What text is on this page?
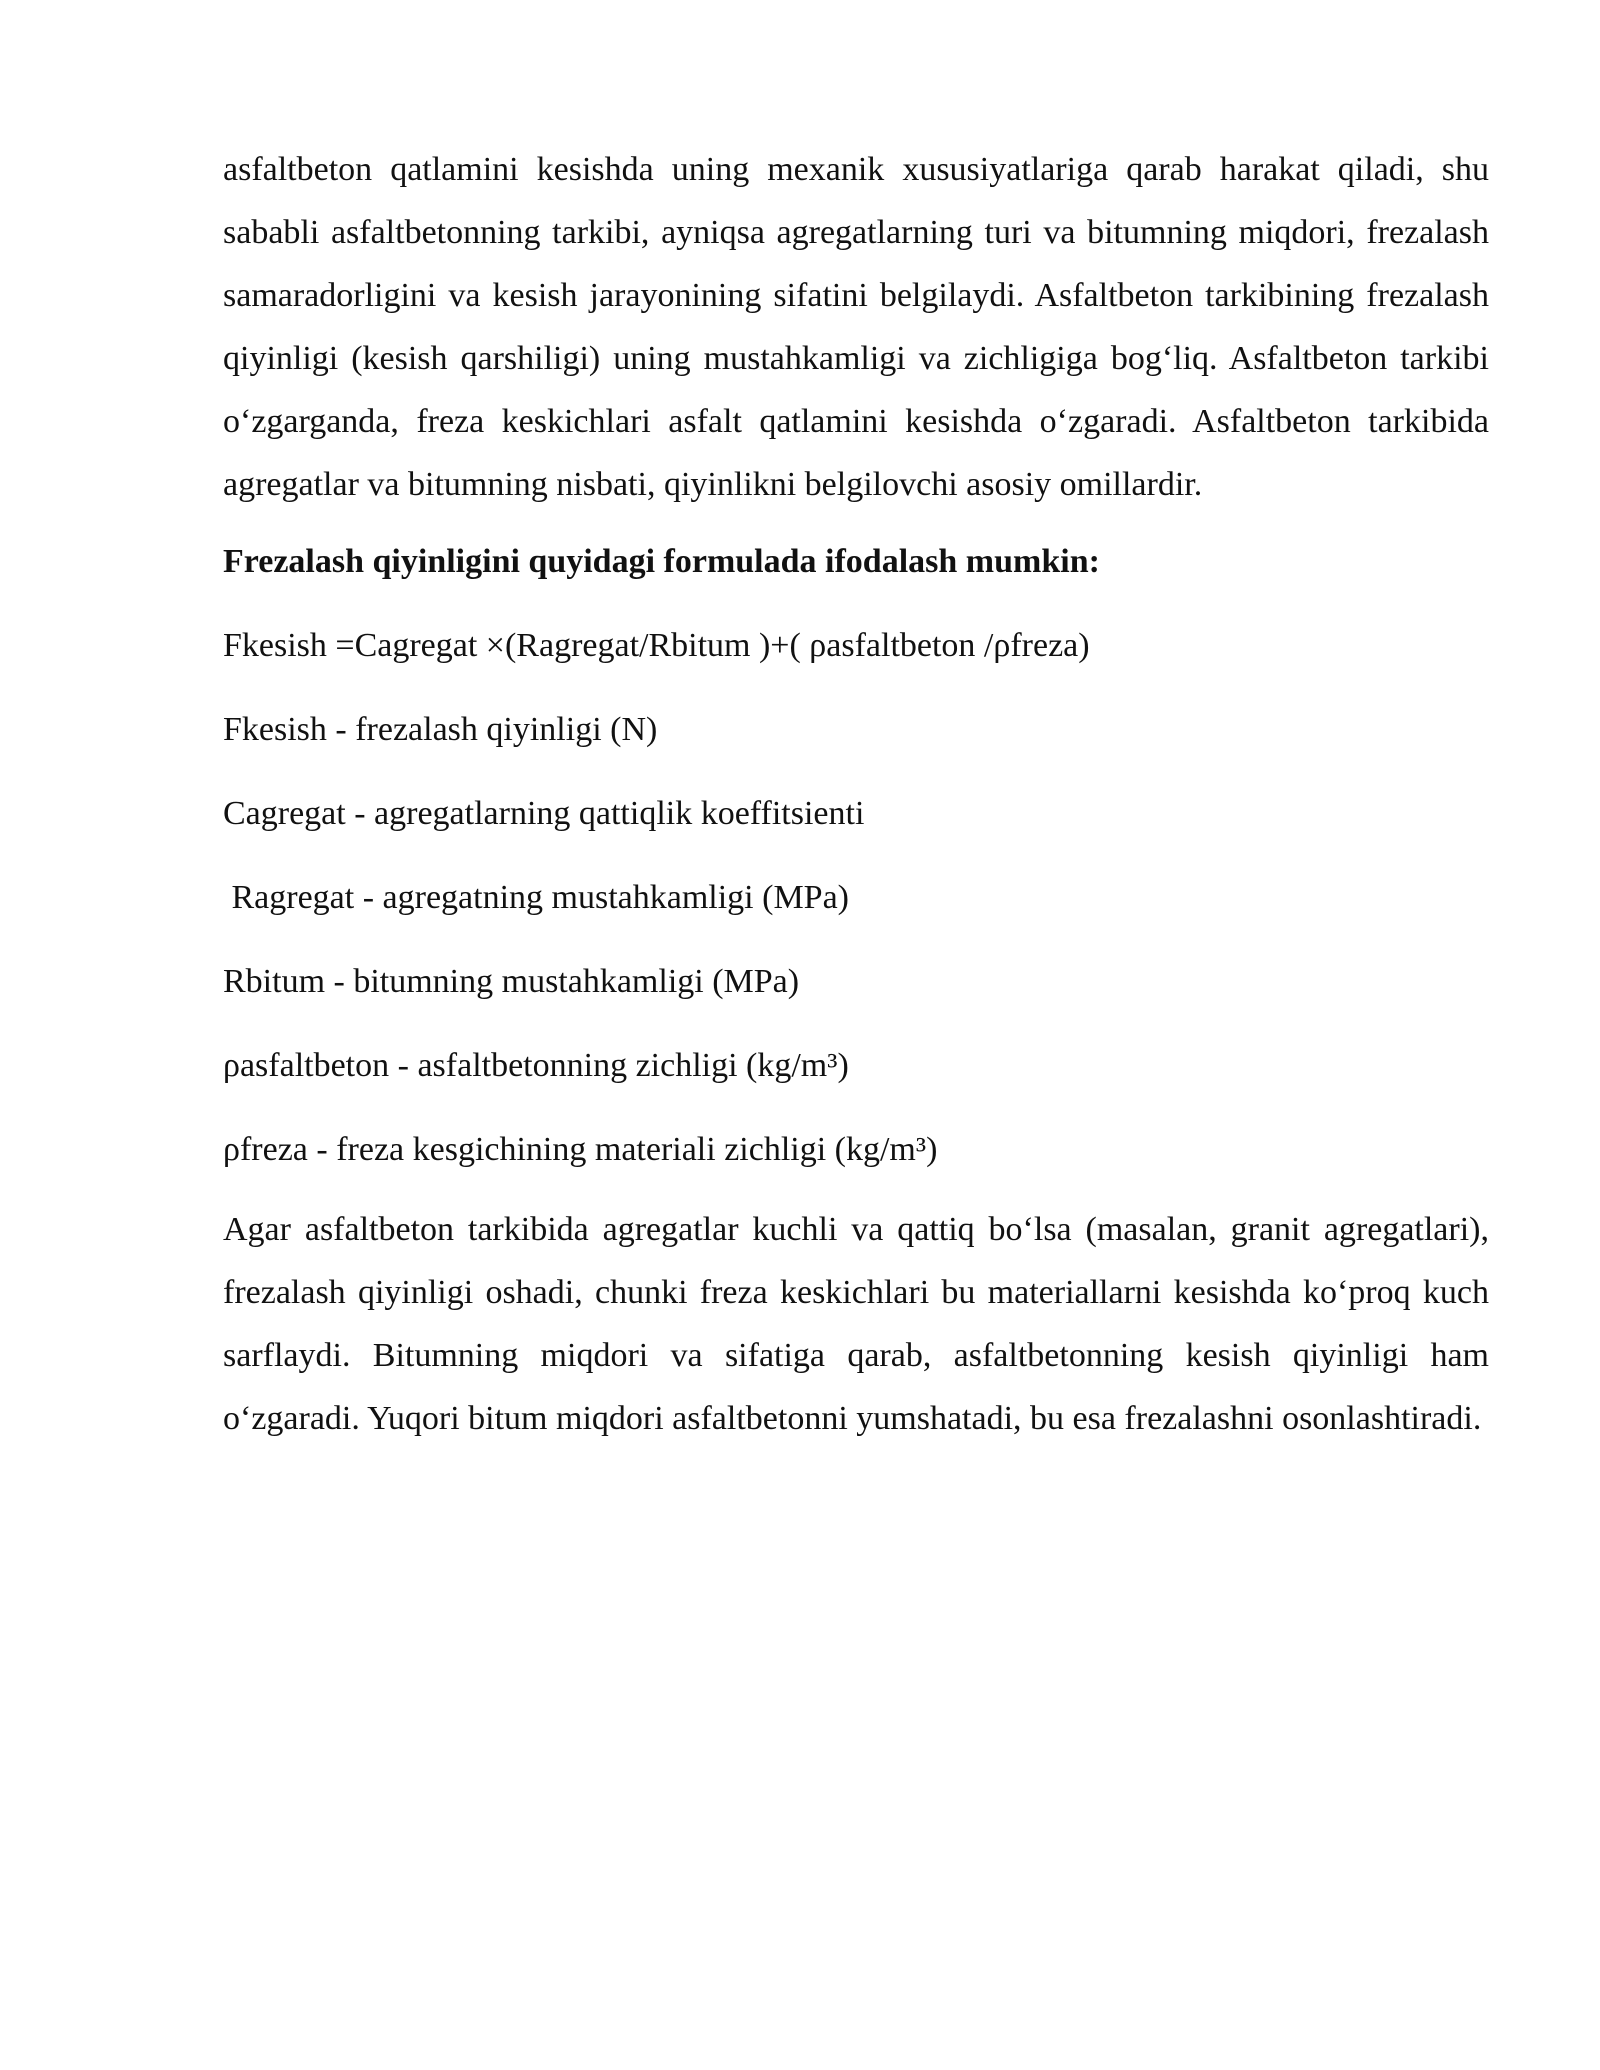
asfaltbeton qatlamini kesishda uning mexanik xususiyatlariga qarab harakat qiladi, shu sababli asfaltbetonning tarkibi, ayniqsa agregatlarning turi va bitumning miqdori, frezalash samaradorligini va kesish jarayonining sifatini belgilaydi. Asfaltbeton tarkibining frezalash qiyinligi (kesish qarshiligi) uning mustahkamligi va zichligiga bog‘liq. Asfaltbeton tarkibi o‘zgarganda, freza keskichlari asfalt qatlamini kesishda o‘zgaradi. Asfaltbeton tarkibida agregatlar va bitumning nisbati, qiyinlikni belgilovchi asosiy omillardir.

Frezalash qiyinligini quyidagi formulada ifodalash mumkin:

Fkesish =Cagregat ×(Ragregat/Rbitum )+( ρasfaltbeton /ρfreza)

Fkesish - frezalash qiyinligi (N)

Cagregat - agregatlarning qattiqlik koeffitsienti

Ragregat - agregatning mustahkamligi (MPa)

Rbitum - bitumning mustahkamligi (MPa)

ρasfaltbeton - asfaltbetonning zichligi (kg/m³)

ρfreza - freza kesgichining materiali zichligi (kg/m³)

Agar asfaltbeton tarkibida agregatlar kuchli va qattiq bo‘lsa (masalan, granit agregatlari), frezalash qiyinligi oshadi, chunki freza keskichlari bu materiallarni kesishda ko‘proq kuch sarflaydi. Bitumning miqdori va sifatiga qarab, asfaltbetonning kesish qiyinligi ham o‘zgaradi. Yuqori bitum miqdori asfaltbetonni yumshatadi, bu esa frezalashni osonlashtiradi.
